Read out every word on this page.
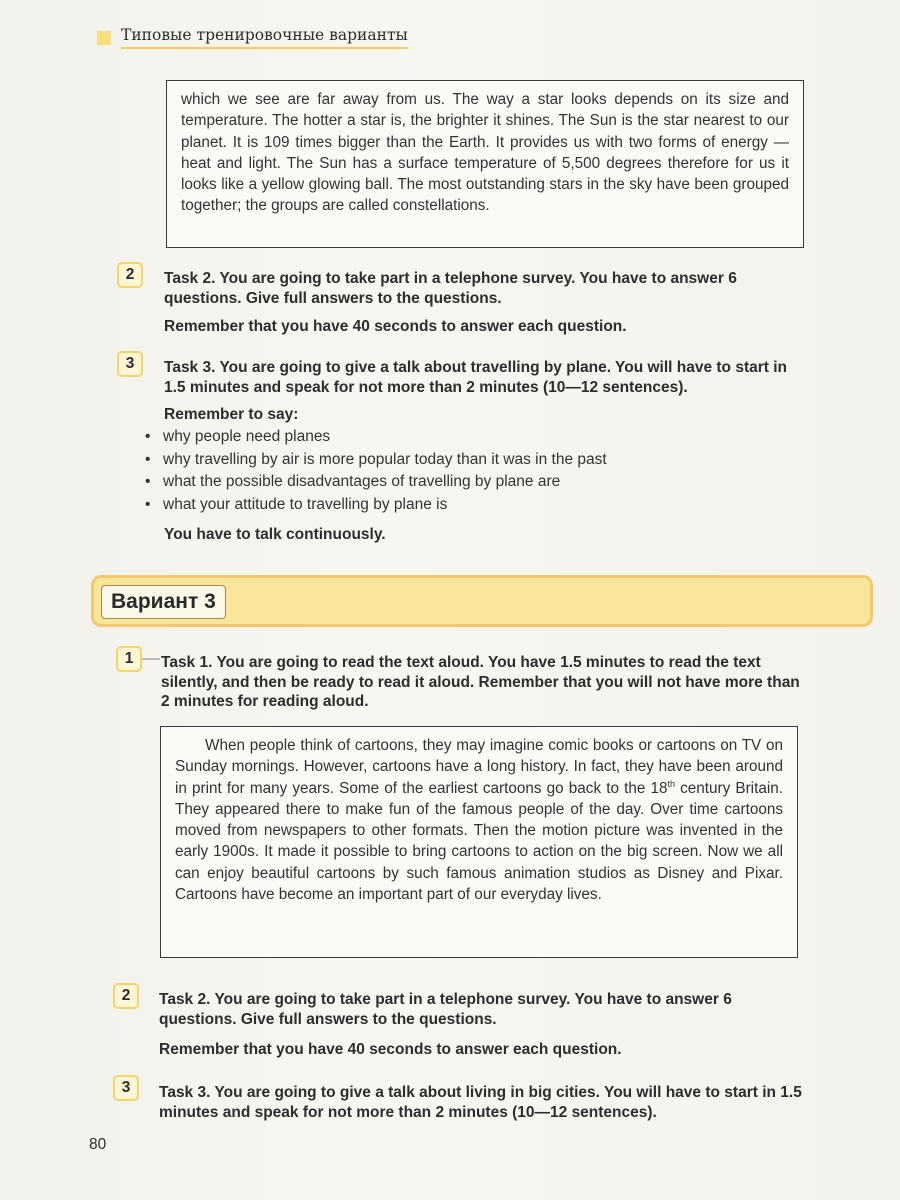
Типовые тренировочные варианты

which we see are far away from us. The way a star looks depends on its size and temperature. The hotter a star is, the brighter it shines. The Sun is the star nearest to our planet. It is 109 times bigger than the Earth. It provides us with two forms of energy — heat and light. The Sun has a surface temperature of 5,500 degrees therefore for us it looks like a yellow glowing ball. The most outstanding stars in the sky have been grouped together; the groups are called constellations.

2	Task 2. You are going to take part in a telephone survey. You have to answer 6 questions. Give full answers to the questions.
Remember that you have 40 seconds to answer each question.
3	Task 3. You are going to give a talk about travelling by plane. You will have to start in 1.5 minutes and speak for not more than 2 minutes (10—12 sentences).
Remember to say:
• why people need planes
• why travelling by air is more popular today than it was in the past
• what the possible disadvantages of travelling by plane are
• what your attitude to travelling by plane is
You have to talk continuously.
Вариант 3
1	Task 1. You are going to read the text aloud. You have 1.5 minutes to read the text silently, and then be ready to read it aloud. Remember that you will not have more than 2 minutes for reading aloud.

When people think of cartoons, they may imagine comic books or cartoons on TV on Sunday mornings. However, cartoons have a long history. In fact, they have been around in print for many years. Some of the earliest cartoons go back to the 18th century Britain. They appeared there to make fun of the famous people of the day. Over time cartoons moved from newspapers to other formats. Then the motion picture was invented in the early 1900s. It made it possible to bring cartoons to action on the big screen. Now we all can enjoy beautiful cartoons by such famous animation studios as Disney and Pixar. Cartoons have become an important part of our everyday lives.

2	Task 2. You are going to take part in a telephone survey. You have to answer 6 questions. Give full answers to the questions.
Remember that you have 40 seconds to answer each question.
3	Task 3. You are going to give a talk about living in big cities. You will have to start in 1.5 minutes and speak for not more than 2 minutes (10—12 sentences).
80
